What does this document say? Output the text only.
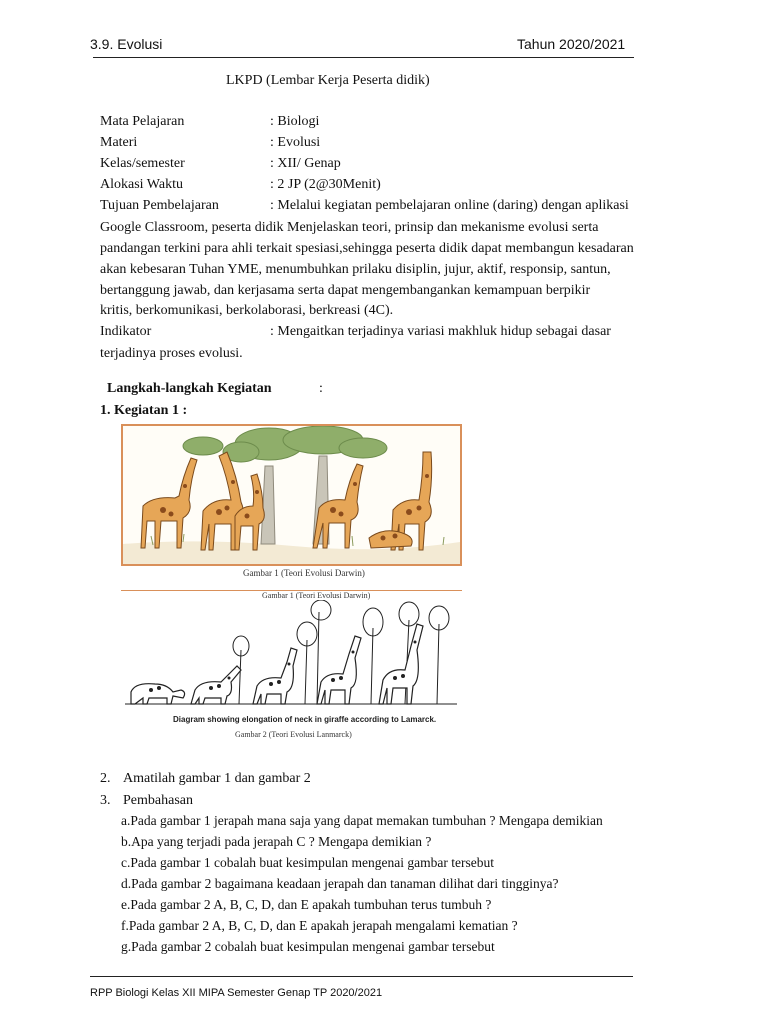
3.9. Evolusi	Tahun 2020/2021
LKPD (Lembar Kerja Peserta didik)
Mata Pelajaran	: Biologi
Materi	: Evolusi
Kelas/semester	: XII/ Genap
Alokasi Waktu	: 2 JP (2@30Menit)
Tujuan Pembelajaran	: Melalui kegiatan pembelajaran online (daring) dengan aplikasi
Google Classroom, peserta didik Menjelaskan teori, prinsip dan mekanisme evolusi serta
pandangan terkini para ahli terkait spesiasi,sehingga peserta didik dapat membangun kesadaran
akan kebesaran Tuhan YME, menumbuhkan prilaku disiplin, jujur, aktif, responsip, santun,
bertanggung jawab, dan kerjasama serta dapat mengembangankan kemampuan berpikir
kritis, berkomunikasi, berkolaborasi, berkreasi (4C).
Indikator	: Mengaitkan terjadinya variasi makhluk hidup sebagai dasar
terjadinya proses evolusi.
Langkah-langkah Kegiatan	:
1. Kegiatan 1 :
Gambar 1 (Teori Evolusi Darwin)
Gambar 1 (Teori Evolusi Darwin)
Diagram showing elongation of neck in giraffe according to Lamarck.
Gambar 2 (Teori Evolusi Lanmarck)
2. Amatilah gambar 1 dan gambar 2
3. Pembahasan
a.Pada gambar 1 jerapah mana saja yang dapat memakan tumbuhan ? Mengapa demikian
b.Apa yang terjadi pada jerapah C ? Mengapa demikian ?
c.Pada gambar 1 cobalah buat kesimpulan mengenai gambar tersebut
d.Pada gambar 2 bagaimana keadaan jerapah dan tanaman dilihat dari tingginya?
e.Pada gambar 2 A, B, C, D, dan E apakah tumbuhan terus tumbuh ?
f.Pada gambar 2 A, B, C, D, dan E apakah jerapah mengalami kematian ?
g.Pada gambar 2 cobalah buat kesimpulan mengenai gambar tersebut
RPP Biologi Kelas XII MIPA Semester Genap TP 2020/2021
